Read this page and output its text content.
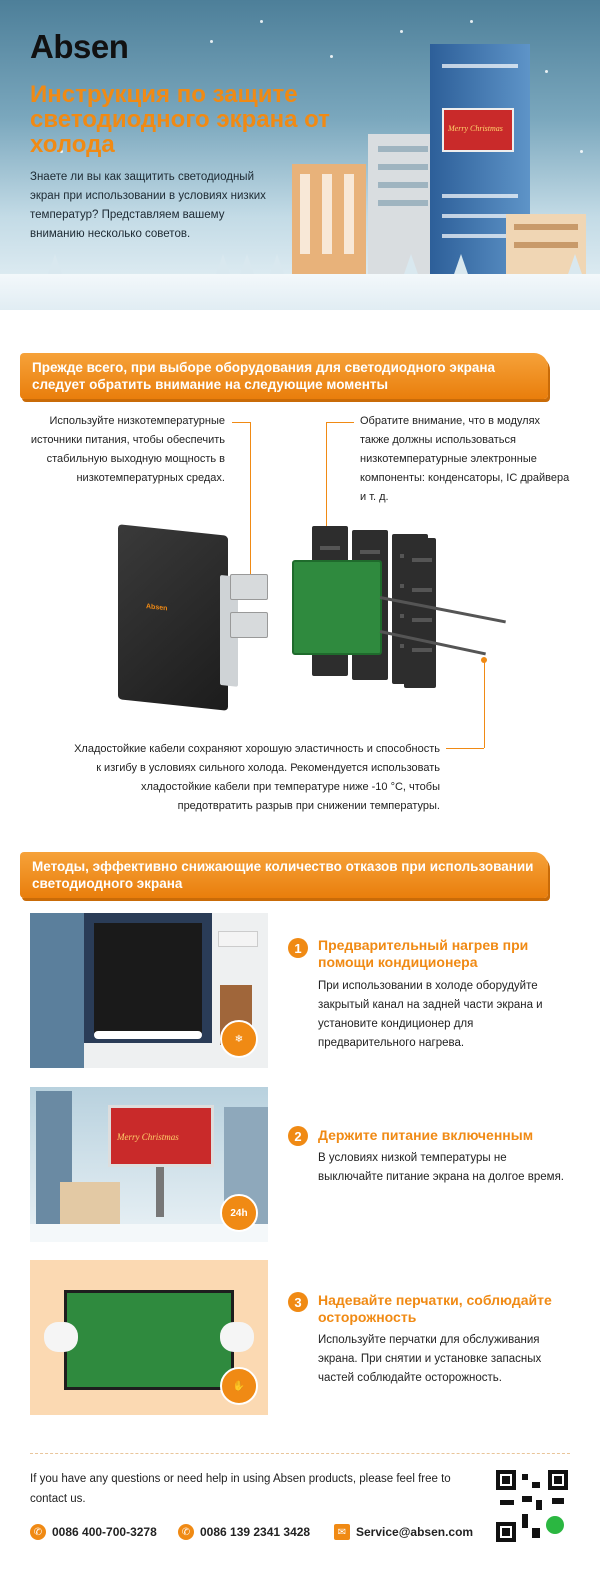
Merry Christmas
Absen
Инструкция по защите светодиодного экрана от холода
Знаете ли вы как защитить светодиодный экран при использовании в условиях низких температур? Представляем вашему вниманию несколько советов.
Прежде всего, при выборе оборудования для светодиодного экрана следует обратить внимание на следующие моменты
Используйте низкотемпературные источники питания, чтобы обеспечить стабильную выходную мощность в низкотемпературных средах.
Обратите внимание, что в модулях также должны использоваться низкотемпературные электронные компоненты: конденсаторы, IC драйвера и т. д.
Хладостойкие кабели сохраняют хорошую эластичность и способность к изгибу в условиях сильного холода. Рекомендуется использовать хладостойкие кабели при температуре ниже -10 °C, чтобы предотвратить разрыв при снижении температуры.
Absen
Методы, эффективно снижающие количество отказов при использовании светодиодного экрана
❄
1	Предварительный нагрев при помощи кондиционера
При использовании в холоде оборудуйте закрытый канал на задней части экрана и установите кондиционер для предварительного нагрева.
Merry Christmas
24h
2	Держите питание включенным
В условиях низкой температуры не выключайте питание экрана на долгое время.
✋
3	Надевайте перчатки, соблюдайте осторожность
Используйте перчатки для обслуживания экрана. При снятии и установке запасных частей соблюдайте осторожность.
If you have any questions or need help in using Absen products, please feel free to contact us.
✆ 0086 400-700-3278	✆ 0086 139 2341 3428	✉ Service@absen.com
